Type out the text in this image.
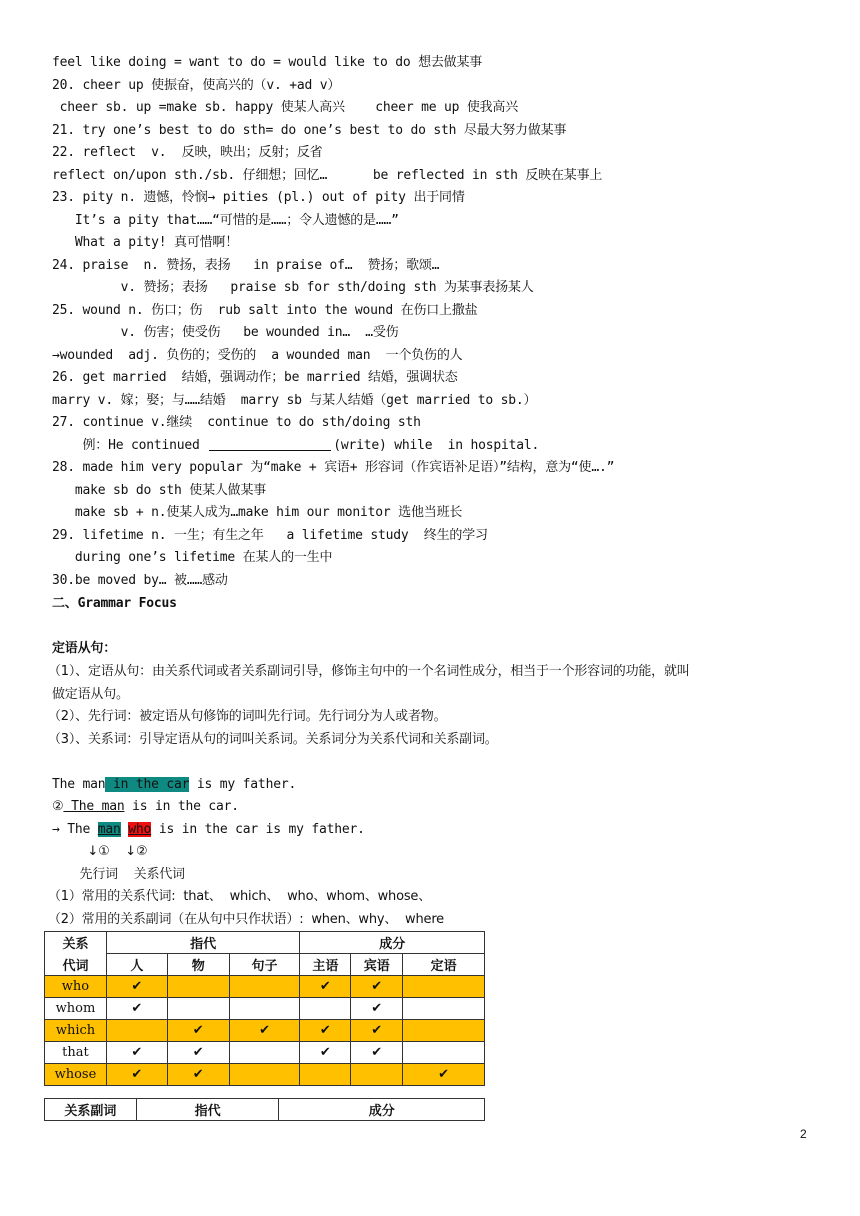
feel like doing = want to do = would like to do 想去做某事
20. cheer up 使振奋，使高兴的（v. +ad v）
cheer sb. up =make sb. happy 使某人高兴    cheer me up 使我高兴
21. try one’s best to do sth= do one’s best to do sth 尽最大努力做某事
22. reflect  v.  反映，映出；反射；反省
reflect on/upon sth./sb. 仔细想；回忆…      be reflected in sth 反映在某事上
23. pity n. 遗憾，怜悯→ pities (pl.) out of pity 出于同情
It’s a pity that……“可惜的是……；令人遗憾的是……”
What a pity! 真可惜啊！
24. praise  n. 赞扬，表扬   in praise of…  赞扬；歌颂…
v. 赞扬；表扬   praise sb for sth/doing sth 为某事表扬某人
25. wound n. 伤口；伤  rub salt into the wound 在伤口上撒盐
v. 伤害；使受伤   be wounded in…  …受伤
→wounded  adj. 负伤的；受伤的  a wounded man  一个负伤的人
26. get married  结婚，强调动作；be married 结婚，强调状态
marry v. 嫁；娶；与……结婚  marry sb 与某人结婚（get married to sb.）
27. continue v.继续  continue to do sth/doing sth
例：He continued	(write) while  in hospital.
28. made him very popular 为“make + 宾语+ 形容词（作宾语补足语）”结构，意为“使….”
make sb do sth 使某人做某事
make sb + n.使某人成为…make him our monitor 选他当班长
29. lifetime n. 一生；有生之年   a lifetime study  终生的学习
during one’s lifetime 在某人的一生中
30.be moved by… 被……感动
二、Grammar Focus
定语从句：
（1）、定语从句：由关系代词或者关系副词引导，修饰主句中的一个名词性成分，相当于一个形容词的功能，就叫
做定语从句。
（2）、先行词：被定语从句修饰的词叫先行词。先行词分为人或者物。
（3）、关系词：引导定语从句的词叫关系词。关系词分为关系代词和关系副词。
The man in the car is my father.
② The man is in the car.
→ The man who is in the car is my father.
↓①    ↓②
先行词    关系代词
（1）常用的关系代词:  that、  which、  who、whom、whose、
（2）常用的关系副词（在从句中只作状语）:  when、why、  where
关系	指代			成分		
代词	人	物	句子	主语	宾语	定语
who	✔			✔	✔	
whom	✔				✔	
which		✔	✔	✔	✔	
that	✔	✔		✔	✔	
whose	✔	✔				✔
关系副词	指代	成分
2
